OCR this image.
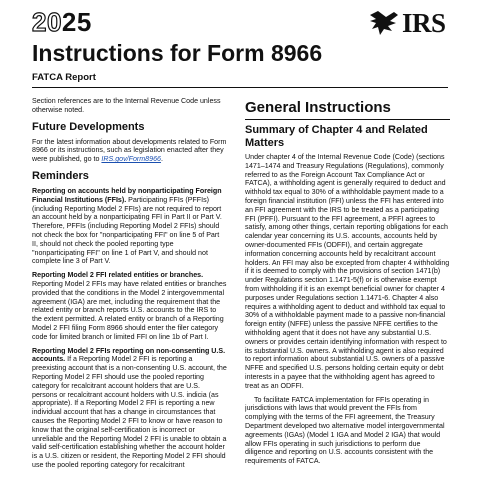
2025	IRS
Instructions for Form 8966
FATCA Report

Section references are to the Internal Revenue Code unless otherwise noted.

Future Developments

For the latest information about developments related to Form 8966 or its instructions, such as legislation enacted after they were published, go to IRS.gov/Form8966.

Reminders

Reporting on accounts held by nonparticipating Foreign Financial Institutions (FFIs). Participating FFIs (PFFIs) (including Reporting Model 2 FFIs) are not required to report an account held by a nonparticipating FFI in Part II or Part V. Therefore, PFFIs (including Reporting Model 2 FFIs) should not check the box for "nonparticipating FFI" on line 5 of Part II, should not check the pooled reporting type "nonparticipating FFI" on line 1 of Part V, and should not complete line 3 of Part V.

Reporting Model 2 FFI related entities or branches. Reporting Model 2 FFIs may have related entities or branches provided that the conditions in the Model 2 intergovernmental agreement (IGA) are met, including the requirement that the related entity or branch reports U.S. accounts to the IRS to the extent permitted. A related entity or branch of a Reporting Model 2 FFI filing Form 8966 should enter the filer category code for limited branch or limited FFI on line 1b of Part I.

Reporting Model 2 FFIs reporting on non-consenting U.S. accounts. If a Reporting Model 2 FFI is reporting a preexisting account that is a non-consenting U.S. account, the Reporting Model 2 FFI should use the pooled reporting category for recalcitrant account holders that are U.S. persons or recalcitrant account holders with U.S. indicia (as appropriate). If a Reporting Model 2 FFI is reporting a new individual account that has a change in circumstances that causes the Reporting Model 2 FFI to know or have reason to know that the original self-certification is incorrect or unreliable and the Reporting Model 2 FFI is unable to obtain a valid self-certification establishing whether the account holder is a U.S. citizen or resident, the Reporting Model 2 FFI should use the pooled reporting category for recalcitrant

General Instructions
Summary of Chapter 4 and Related Matters

Under chapter 4 of the Internal Revenue Code (Code) (sections 1471–1474 and Treasury Regulations (Regulations), commonly referred to as the Foreign Account Tax Compliance Act or FATCA), a withholding agent is generally required to deduct and withhold tax equal to 30% of a withholdable payment made to a foreign financial institution (FFI) unless the FFI has entered into an FFI agreement with the IRS to be treated as a participating FFI (PFFI). Pursuant to the FFI agreement, a PFFI agrees to satisfy, among other things, certain reporting obligations for each calendar year concerning its U.S. accounts, accounts held by owner-documented FFIs (ODFFI), and certain aggregate information concerning accounts held by recalcitrant account holders. An FFI may also be excepted from chapter 4 withholding if it is deemed to comply with the provisions of section 1471(b) under Regulations section 1.1471-5(f) or is otherwise exempt from withholding if it is an exempt beneficial owner for chapter 4 purposes under Regulations section 1.1471-6. Chapter 4 also requires a withholding agent to deduct and withhold tax equal to 30% of a withholdable payment made to a passive non-financial foreign entity (NFFE) unless the passive NFFE certifies to the withholding agent that it does not have any substantial U.S. owners or provides certain identifying information with respect to its substantial U.S. owners. A withholding agent is also required to report information about substantial U.S. owners of a passive NFFE and specified U.S. persons holding certain equity or debt interests in a payee that the withholding agent has agreed to treat as an ODFFI.

To facilitate FATCA implementation for FFIs operating in jurisdictions with laws that would prevent the FFIs from complying with the terms of the FFI agreement, the Treasury Department developed two alternative model intergovernmental agreements (IGAs) (Model 1 IGA and Model 2 IGA) that would allow FFIs operating in such jurisdictions to perform due diligence and reporting on U.S. accounts consistent with the requirements of FATCA.
